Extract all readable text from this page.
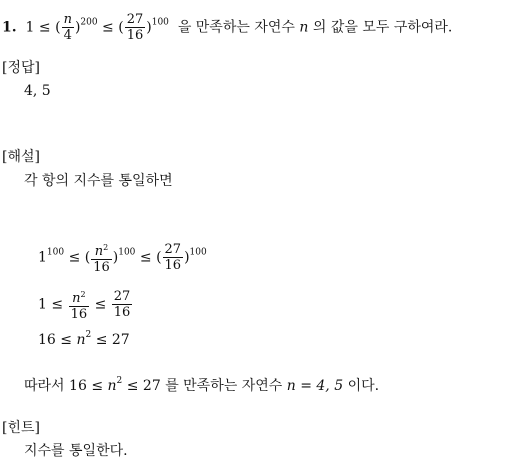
1. 1 ≤ ( $\frac{n}{4} )^{200}$ ≤ ( $\frac{27}{16} )^{100}$ 을 만족하는 자연수 n 의 값을 모두 구하여라.
[정답]
4, 5
[해설]
각 항의 지수를 통일하면
$1^{100}$ ≤ ( $\frac{n^2}{16} )^{100}$ ≤ ( $\frac{27}{16} )^{100}$
$1 \le \frac{n^2}{16} \le \frac{27}{16}$
$16 \le n^2 \le 27$
따라서 $16 \le n^2 \le 27$ 를 만족하는 자연수 n = 4, 5 이다.
[힌트]
지수를 통일한다.
